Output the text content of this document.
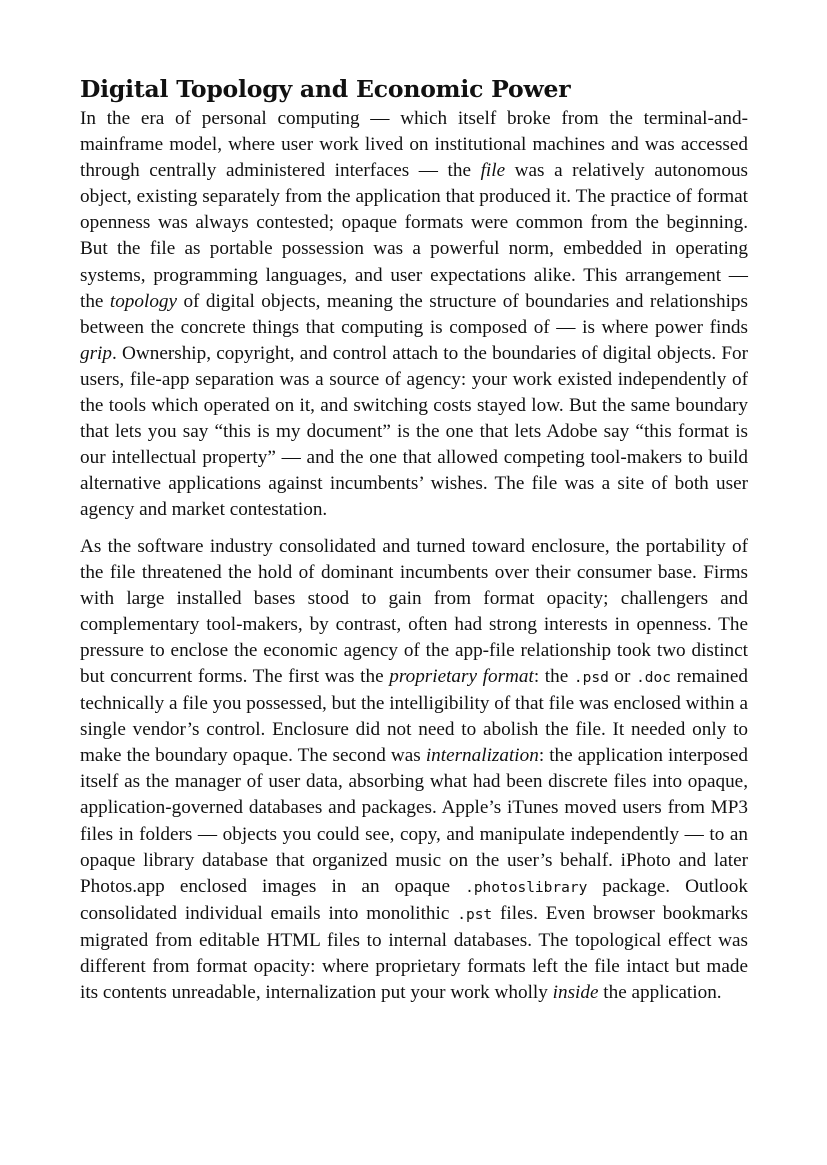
Digital Topology and Economic Power

In the era of personal computing — which itself broke from the terminal-and-mainframe model, where user work lived on institutional machines and was accessed through centrally administered interfaces — the file was a relatively autonomous object, existing separately from the application that produced it. The practice of format openness was always contested; opaque formats were common from the beginning. But the file as portable possession was a powerful norm, embedded in operating systems, programming languages, and user expectations alike. This arrangement — the topology of digital objects, meaning the structure of boundaries and relationships between the concrete things that computing is composed of — is where power finds grip. Ownership, copyright, and control attach to the boundaries of digital objects. For users, file-app separation was a source of agency: your work existed independently of the tools which operated on it, and switching costs stayed low. But the same boundary that lets you say “this is my document” is the one that lets Adobe say “this format is our intellectual property” — and the one that allowed competing tool-makers to build alternative applications against incumbents’ wishes. The file was a site of both user agency and market contestation.

As the software industry consolidated and turned toward enclosure, the portability of the file threatened the hold of dominant incumbents over their consumer base. Firms with large installed bases stood to gain from format opacity; challengers and complementary tool-makers, by contrast, often had strong interests in openness. The pressure to enclose the economic agency of the app-file relationship took two distinct but concurrent forms. The first was the proprietary format: the .psd or .doc remained technically a file you possessed, but the intelligibility of that file was enclosed within a single vendor’s control. Enclosure did not need to abolish the file. It needed only to make the boundary opaque. The second was internalization: the application interposed itself as the manager of user data, absorbing what had been discrete files into opaque, application-governed databases and packages. Apple’s iTunes moved users from MP3 files in folders — objects you could see, copy, and manipulate independently — to an opaque library database that organized music on the user’s behalf. iPhoto and later Photos.app enclosed images in an opaque .photoslibrary package. Outlook consolidated individual emails into monolithic .pst files. Even browser bookmarks migrated from editable HTML files to internal databases. The topological effect was different from format opacity: where proprietary formats left the file intact but made its contents unreadable, internalization put your work wholly inside the application.
